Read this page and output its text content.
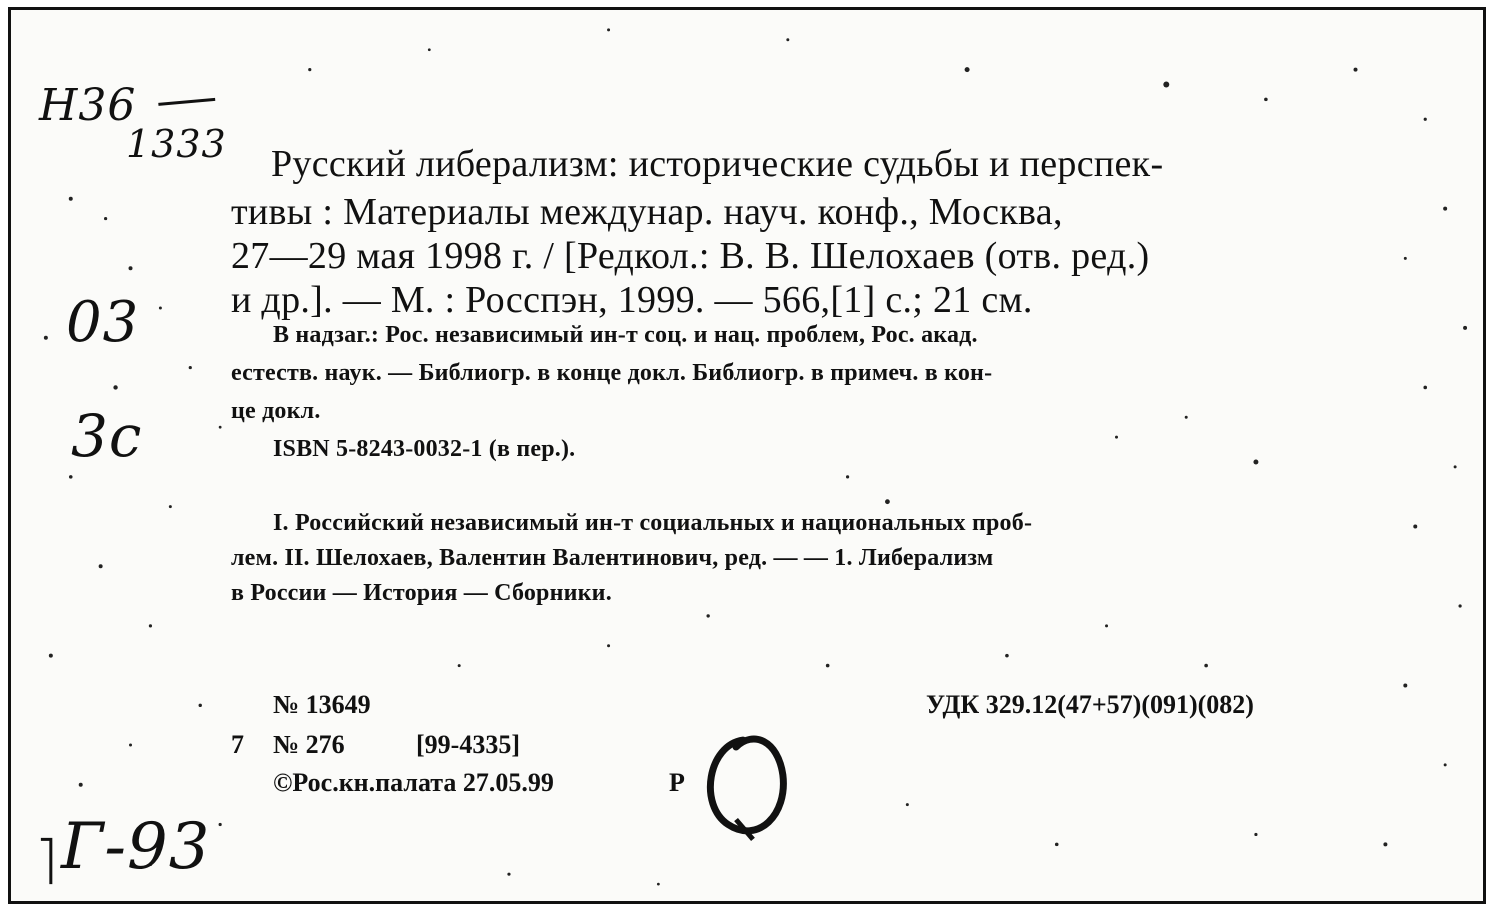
Н36
1333
03
3с
Г-93
Русский либерализм: исторические судьбы и перспек-
тивы : Материалы междунар. науч. конф., Москва,
27—29 мая 1998 г. / [Редкол.: В. В. Шелохаев (отв. ред.)
и др.]. — М. : Росспэн, 1999. — 566,[1] с.; 21 см.
В надзаг.: Рос. независимый ин-т соц. и нац. проблем, Рос. акад.
естеств. наук. — Библиогр. в конце докл. Библиогр. в примеч. в кон-
це докл.
ISBN 5-8243-0032-1 (в пер.).
I. Российский независимый ин-т социальных и национальных проб-
лем. II. Шелохаев, Валентин Валентинович, ред. — — 1. Либерализм
в России — История — Сборники.
№ 13649
7 № 276	[99-4335]
©Рос.кн.палата 27.05.99	Р
УДК 329.12(47+57)(091)(082)
